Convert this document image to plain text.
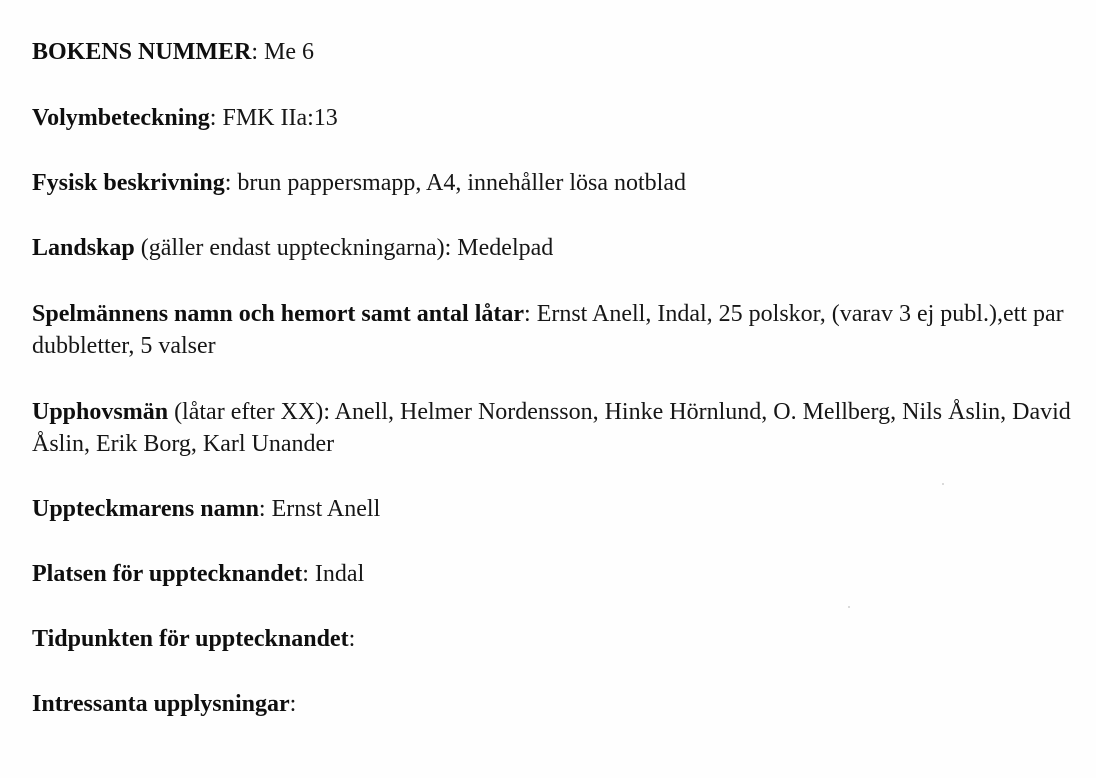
BOKENS NUMMER: Me 6

Volymbeteckning: FMK IIa:13

Fysisk beskrivning: brun pappersmapp, A4, innehåller lösa notblad

Landskap (gäller endast uppteckningarna): Medelpad

Spelmännens namn och hemort samt antal låtar: Ernst Anell, Indal, 25 polskor, (varav 3 ej publ.),ett par dubbletter, 5 valser

Upphovsmän (låtar efter XX): Anell, Helmer Nordensson, Hinke Hörnlund, O. Mellberg, Nils Åslin, David Åslin, Erik Borg, Karl Unander

Uppteckmarens namn: Ernst Anell

Platsen för upptecknandet: Indal

Tidpunkten för upptecknandet:

Intressanta upplysningar:
